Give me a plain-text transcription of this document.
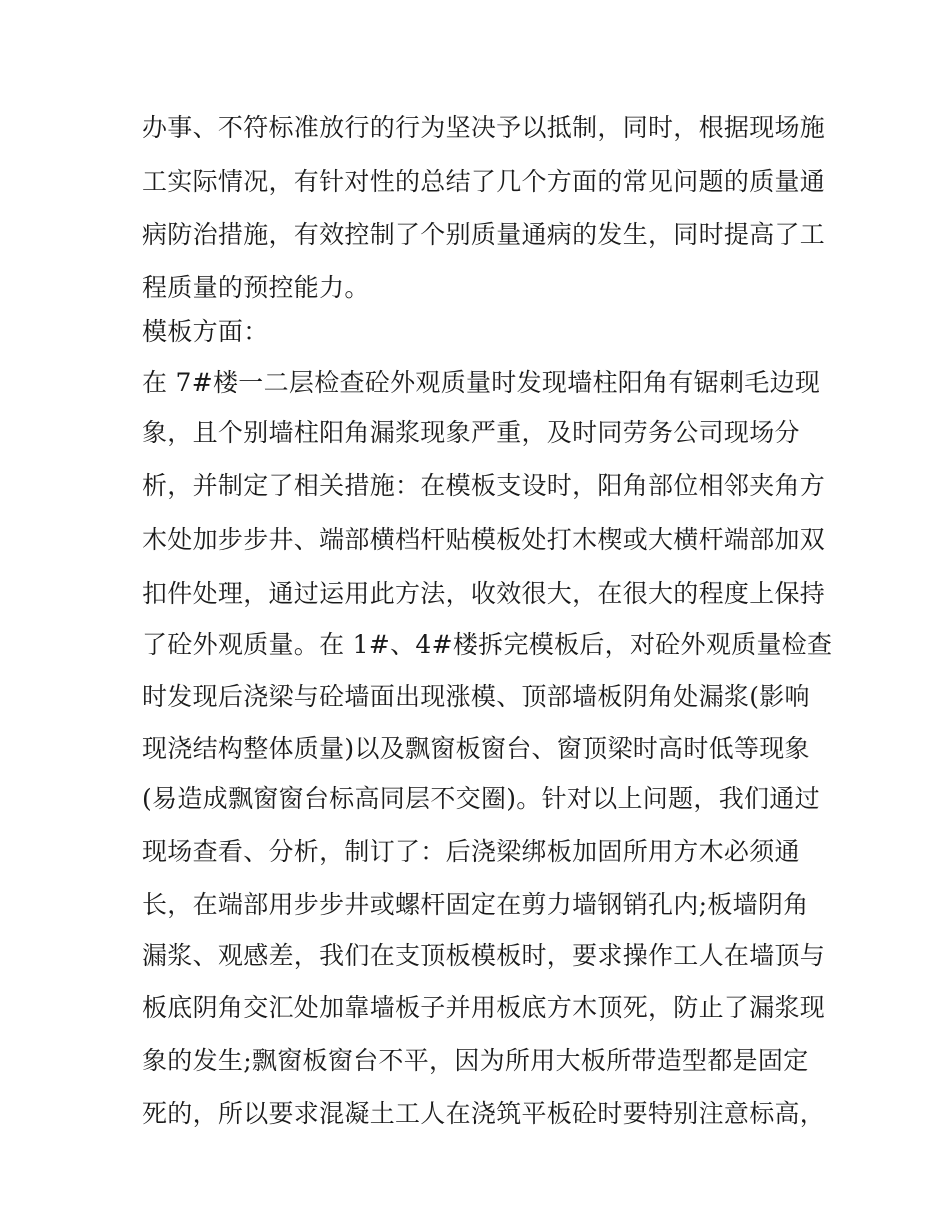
办事、不符标准放行的行为坚决予以抵制，同时，根据现场施
工实际情况，有针对性的总结了几个方面的常见问题的质量通
病防治措施，有效控制了个别质量通病的发生，同时提高了工
程质量的预控能力。
模板方面：
在 7#楼一二层检查砼外观质量时发现墙柱阳角有锯刺毛边现
象，且个别墙柱阳角漏浆现象严重，及时同劳务公司现场分
析，并制定了相关措施：在模板支设时，阳角部位相邻夹角方
木处加步步井、端部横档杆贴模板处打木楔或大横杆端部加双
扣件处理，通过运用此方法，收效很大，在很大的程度上保持
了砼外观质量。在 1#、4#楼拆完模板后，对砼外观质量检查
时发现后浇梁与砼墙面出现涨模、顶部墙板阴角处漏浆(影响
现浇结构整体质量)以及飘窗板窗台、窗顶梁时高时低等现象
(易造成飘窗窗台标高同层不交圈)。针对以上问题，我们通过
现场查看、分析，制订了：后浇梁绑板加固所用方木必须通
长，在端部用步步井或螺杆固定在剪力墙钢销孔内;板墙阴角
漏浆、观感差，我们在支顶板模板时，要求操作工人在墙顶与
板底阴角交汇处加靠墙板子并用板底方木顶死，防止了漏浆现
象的发生;飘窗板窗台不平，因为所用大板所带造型都是固定
死的，所以要求混凝土工人在浇筑平板砼时要特别注意标高，
